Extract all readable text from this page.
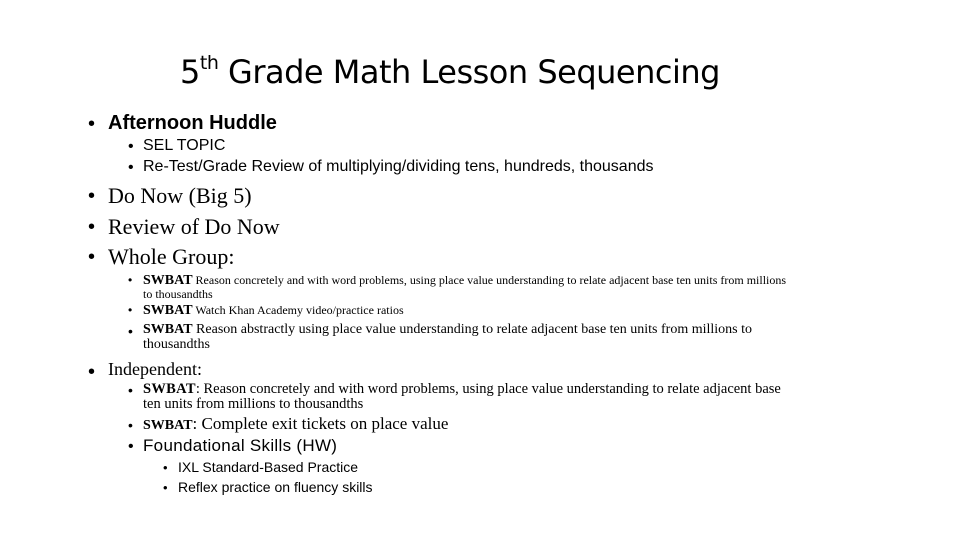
5th Grade Math Lesson Sequencing
• Afternoon Huddle
• SEL TOPIC
• Re-Test/Grade Review of multiplying/dividing tens, hundreds, thousands
• Do Now (Big 5)
• Review of Do Now
• Whole Group:
• SWBAT Reason concretely and with word problems, using place value understanding to relate adjacent base ten units from millions
to thousandths
• SWBAT Watch Khan Academy video/practice ratios
• SWBAT Reason abstractly using place value understanding to relate adjacent base ten units from millions to
thousandths
• Independent:
• SWBAT: Reason concretely and with word problems, using place value understanding to relate adjacent base
ten units from millions to thousandths
• SWBAT: Complete exit tickets on place value
• Foundational Skills (HW)
• IXL Standard-Based Practice
• Reflex practice on fluency skills
